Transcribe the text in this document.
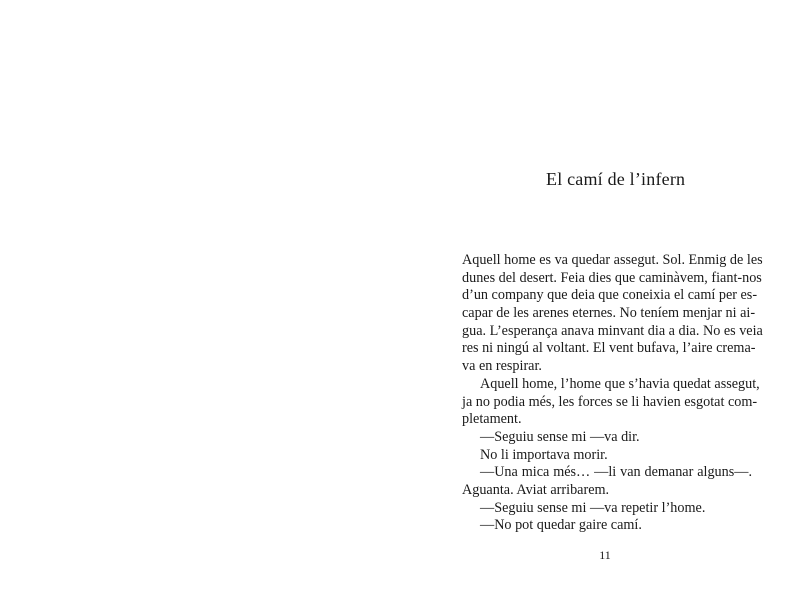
El camí de l’infern
Aquell home es va quedar assegut. Sol. Enmig de les
dunes del desert. Feia dies que caminàvem, fiant-nos
d’un company que deia que coneixia el camí per es-
capar de les arenes eternes. No teníem menjar ni ai-
gua. L’esperança anava minvant dia a dia. No es veia
res ni ningú al voltant. El vent bufava, l’aire crema-
va en respirar.
Aquell home, l’home que s’havia quedat assegut,
ja no podia més, les forces se li havien esgotat com-
pletament.
—Seguiu sense mi —va dir.
No li importava morir.
—Una mica més… —li van demanar alguns—.
Aguanta. Aviat arribarem.
—Seguiu sense mi —va repetir l’home.
—No pot quedar gaire camí.
11
